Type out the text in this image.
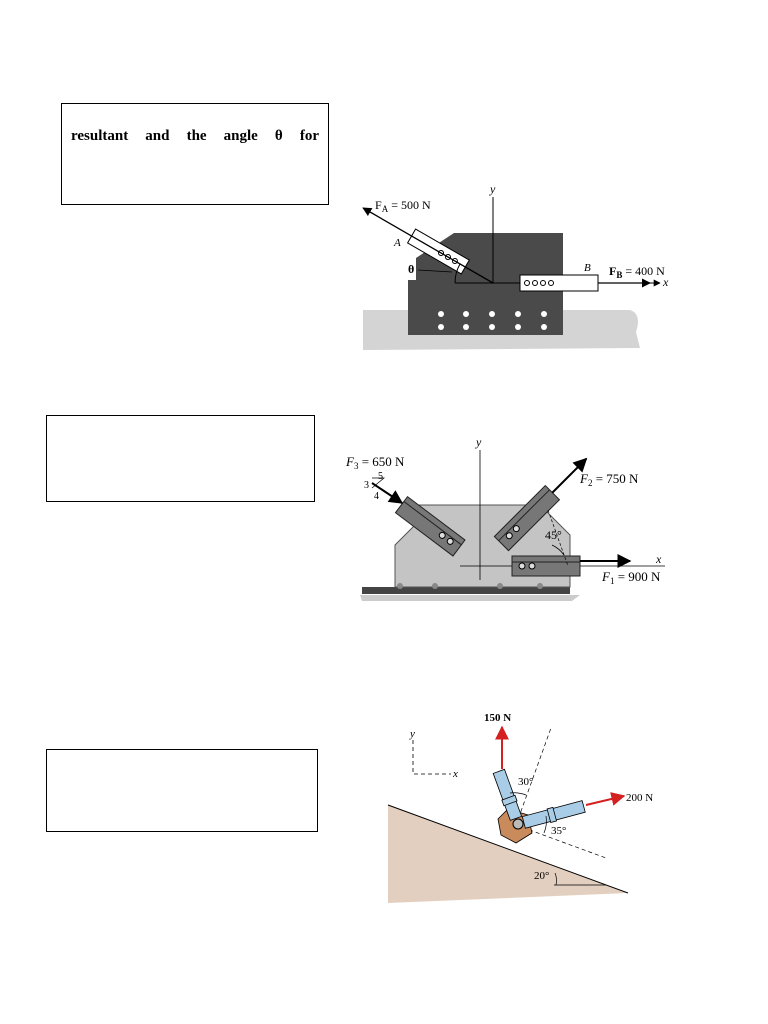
resultant and the angle θ for
y
x
θ
A
B
$F_A = 500$ N
$F_B = 400$ N
y
x
45°
5
3
4
$F_3 = 650$ N
$F_2 = 750$ N
$F_1 = 900$ N
20°
y
x
150 N
200 N
30°
35°
